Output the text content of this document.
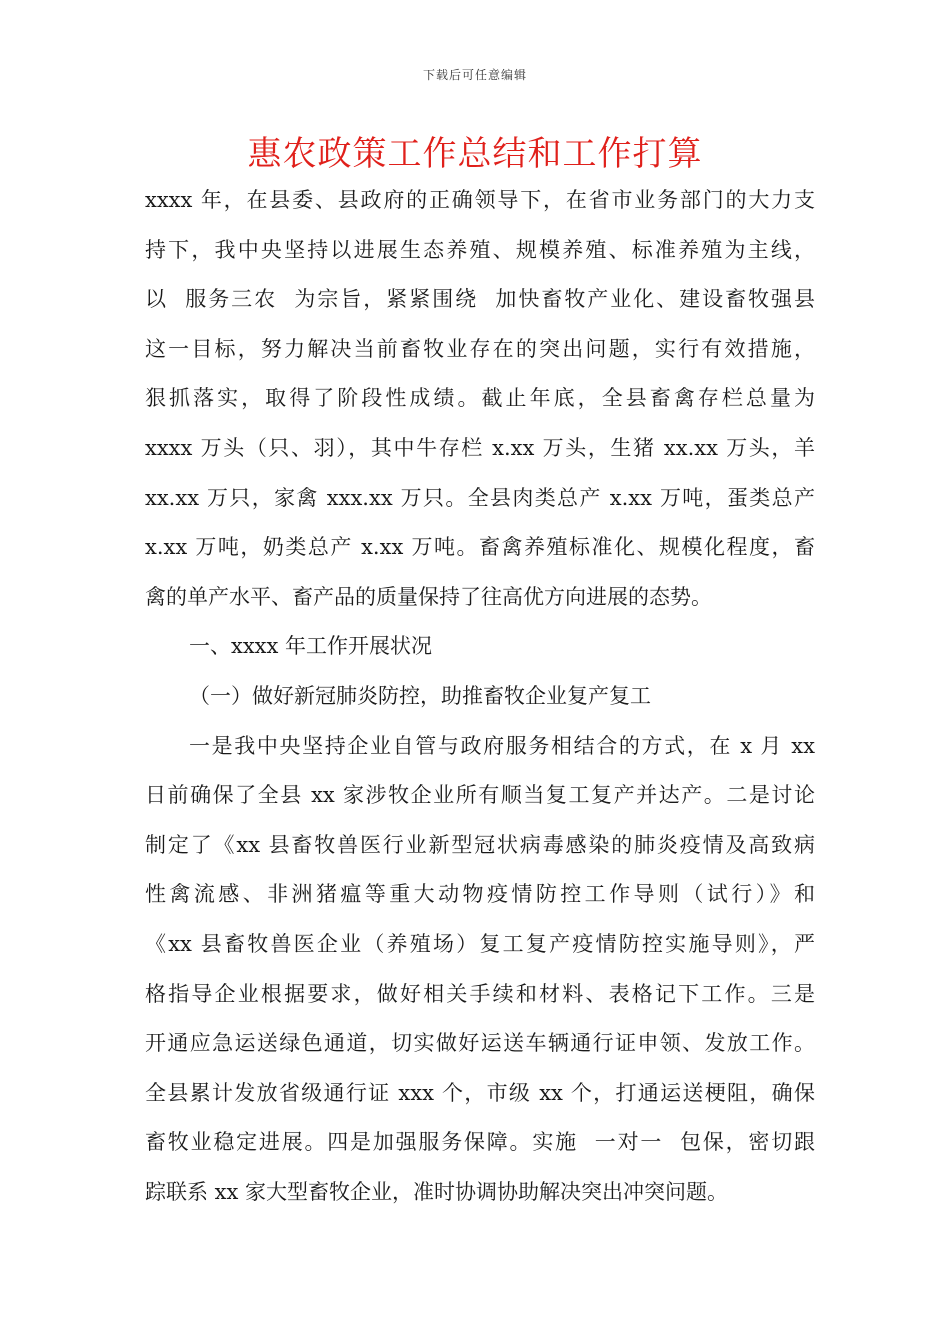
下载后可任意编辑
惠农政策工作总结和工作打算
xxxx 年，在县委、县政府的正确领导下，在省市业务部门的大力支
持下，我中央坚持以进展生态养殖、规模养殖、标准养殖为主线，
以  服务三农  为宗旨，紧紧围绕  加快畜牧产业化、建设畜牧强县
这一目标，努力解决当前畜牧业存在的突出问题，实行有效措施，
狠抓落实，取得了阶段性成绩。截止年底，全县畜禽存栏总量为
xxxx 万头（只、羽），其中牛存栏 x.xx 万头，生猪 xx.xx 万头，羊
xx.xx 万只，家禽 xxx.xx 万只。全县肉类总产 x.xx 万吨，蛋类总产
x.xx 万吨，奶类总产 x.xx 万吨。畜禽养殖标准化、规模化程度，畜
禽的单产水平、畜产品的质量保持了往高优方向进展的态势。
一、xxxx 年工作开展状况
（一）做好新冠肺炎防控，助推畜牧企业复产复工
一是我中央坚持企业自管与政府服务相结合的方式，在 x 月 xx
日前确保了全县 xx 家涉牧企业所有顺当复工复产并达产。二是讨论
制定了《xx 县畜牧兽医行业新型冠状病毒感染的肺炎疫情及高致病
性禽流感、非洲猪瘟等重大动物疫情防控工作导则（试行）》和
《xx 县畜牧兽医企业（养殖场）复工复产疫情防控实施导则》，严
格指导企业根据要求，做好相关手续和材料、表格记下工作。三是
开通应急运送绿色通道，切实做好运送车辆通行证申领、发放工作。
全县累计发放省级通行证 xxx 个，市级 xx 个，打通运送梗阻，确保
畜牧业稳定进展。四是加强服务保障。实施  一对一  包保，密切跟
踪联系 xx 家大型畜牧企业，准时协调协助解决突出冲突问题。
